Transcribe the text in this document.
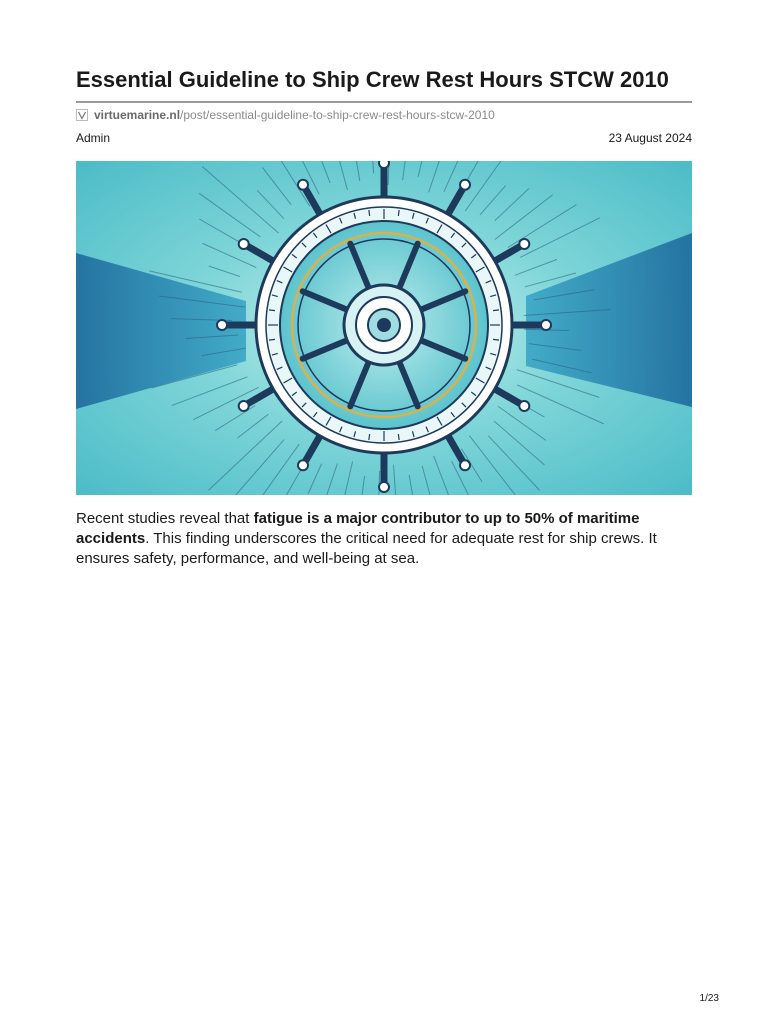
Essential Guideline to Ship Crew Rest Hours STCW 2010
virtuemarine.nl /post/essential-guideline-to-ship-crew-rest-hours-stcw-2010
Admin	23 August 2024

Recent studies reveal that fatigue is a major contributor to up to 50% of maritime accidents. This finding underscores the critical need for adequate rest for ship crews. It ensures safety, performance, and well-being at sea.

1/23
